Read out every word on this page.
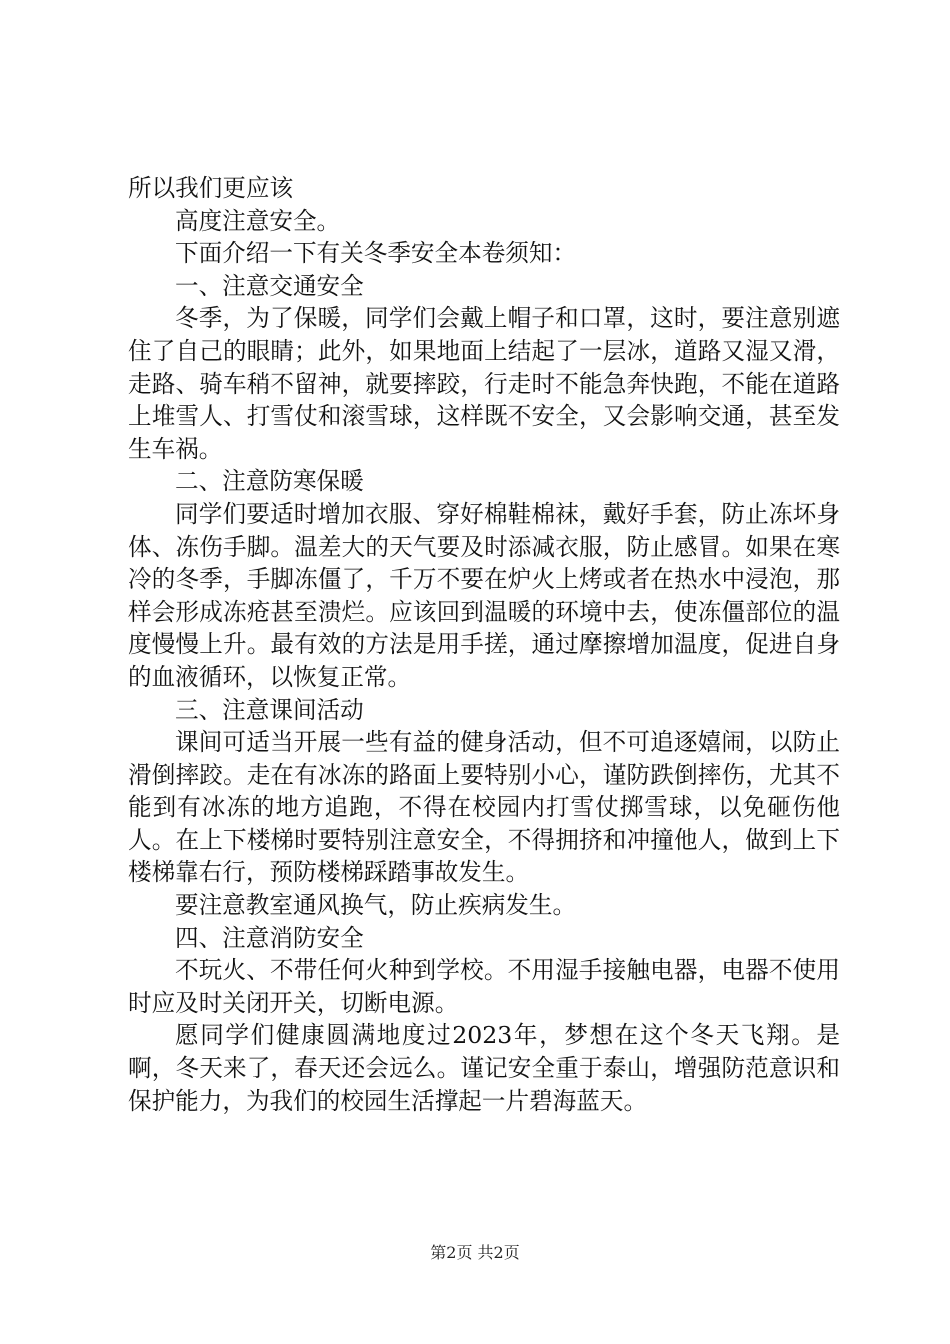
所以我们更应该

高度注意安全。

下面介绍一下有关冬季安全本卷须知：

一、注意交通安全

冬季，为了保暖，同学们会戴上帽子和口罩，这时，要注意别遮住了自己的眼睛；此外，如果地面上结起了一层冰，道路又湿又滑，走路、骑车稍不留神，就要摔跤，行走时不能急奔快跑，不能在道路上堆雪人、打雪仗和滚雪球，这样既不安全，又会影响交通，甚至发生车祸。

二、注意防寒保暖

同学们要适时增加衣服、穿好棉鞋棉袜，戴好手套，防止冻坏身体、冻伤手脚。温差大的天气要及时添减衣服，防止感冒。如果在寒冷的冬季，手脚冻僵了，千万不要在炉火上烤或者在热水中浸泡，那样会形成冻疮甚至溃烂。应该回到温暖的环境中去，使冻僵部位的温度慢慢上升。最有效的方法是用手搓，通过摩擦增加温度，促进自身的血液循环，以恢复正常。

三、注意课间活动

课间可适当开展一些有益的健身活动，但不可追逐嬉闹，以防止滑倒摔跤。走在有冰冻的路面上要特别小心，谨防跌倒摔伤，尤其不能到有冰冻的地方追跑，不得在校园内打雪仗掷雪球，以免砸伤他人。在上下楼梯时要特别注意安全，不得拥挤和冲撞他人，做到上下楼梯靠右行，预防楼梯踩踏事故发生。

要注意教室通风换气，防止疾病发生。

四、注意消防安全

不玩火、不带任何火种到学校。不用湿手接触电器，电器不使用时应及时关闭开关，切断电源。

愿同学们健康圆满地度过2023年，梦想在这个冬天飞翔。是啊，冬天来了，春天还会远么。谨记安全重于泰山，增强防范意识和保护能力，为我们的校园生活撑起一片碧海蓝天。

第2页 共2页
